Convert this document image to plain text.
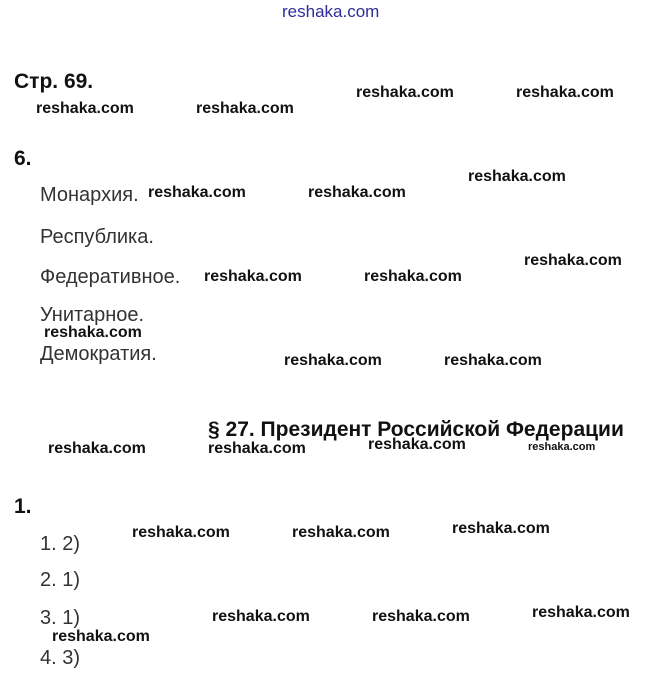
reshaka.com
Стр. 69.
6.
Монархия.
Республика.
Федеративное.
Унитарное.
Демократия.
§ 27. Президент Российской Федерации
1.
1. 2)
2. 1)
3. 1)
4. 3)
reshaka.com	reshaka.com
reshaka.com	reshaka.com
reshaka.com	reshaka.com
reshaka.com
reshaka.com	reshaka.com
reshaka.com
reshaka.com
reshaka.com	reshaka.com
reshaka.com	reshaka.com	reshaka.com	reshaka.com
reshaka.com	reshaka.com	reshaka.com
reshaka.com	reshaka.com	reshaka.com
reshaka.com
